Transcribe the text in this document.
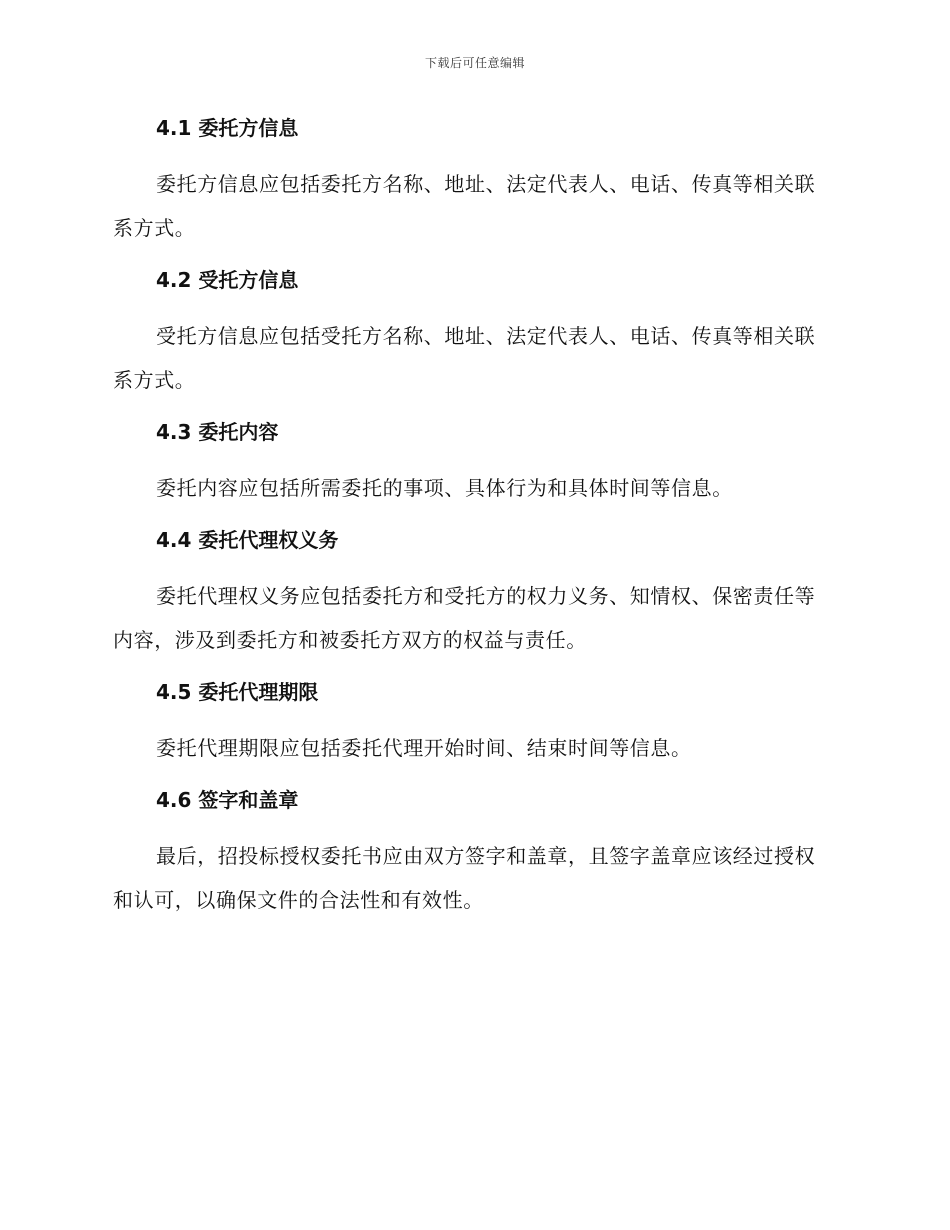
下载后可任意编辑
4.1 委托方信息

委托方信息应包括委托方名称、地址、法定代表人、电话、传真等相关联系方式。

4.2 受托方信息

受托方信息应包括受托方名称、地址、法定代表人、电话、传真等相关联系方式。

4.3 委托内容

委托内容应包括所需委托的事项、具体行为和具体时间等信息。

4.4 委托代理权义务

委托代理权义务应包括委托方和受托方的权力义务、知情权、保密责任等内容，涉及到委托方和被委托方双方的权益与责任。

4.5 委托代理期限

委托代理期限应包括委托代理开始时间、结束时间等信息。

4.6 签字和盖章

最后，招投标授权委托书应由双方签字和盖章，且签字盖章应该经过授权和认可，以确保文件的合法性和有效性。
